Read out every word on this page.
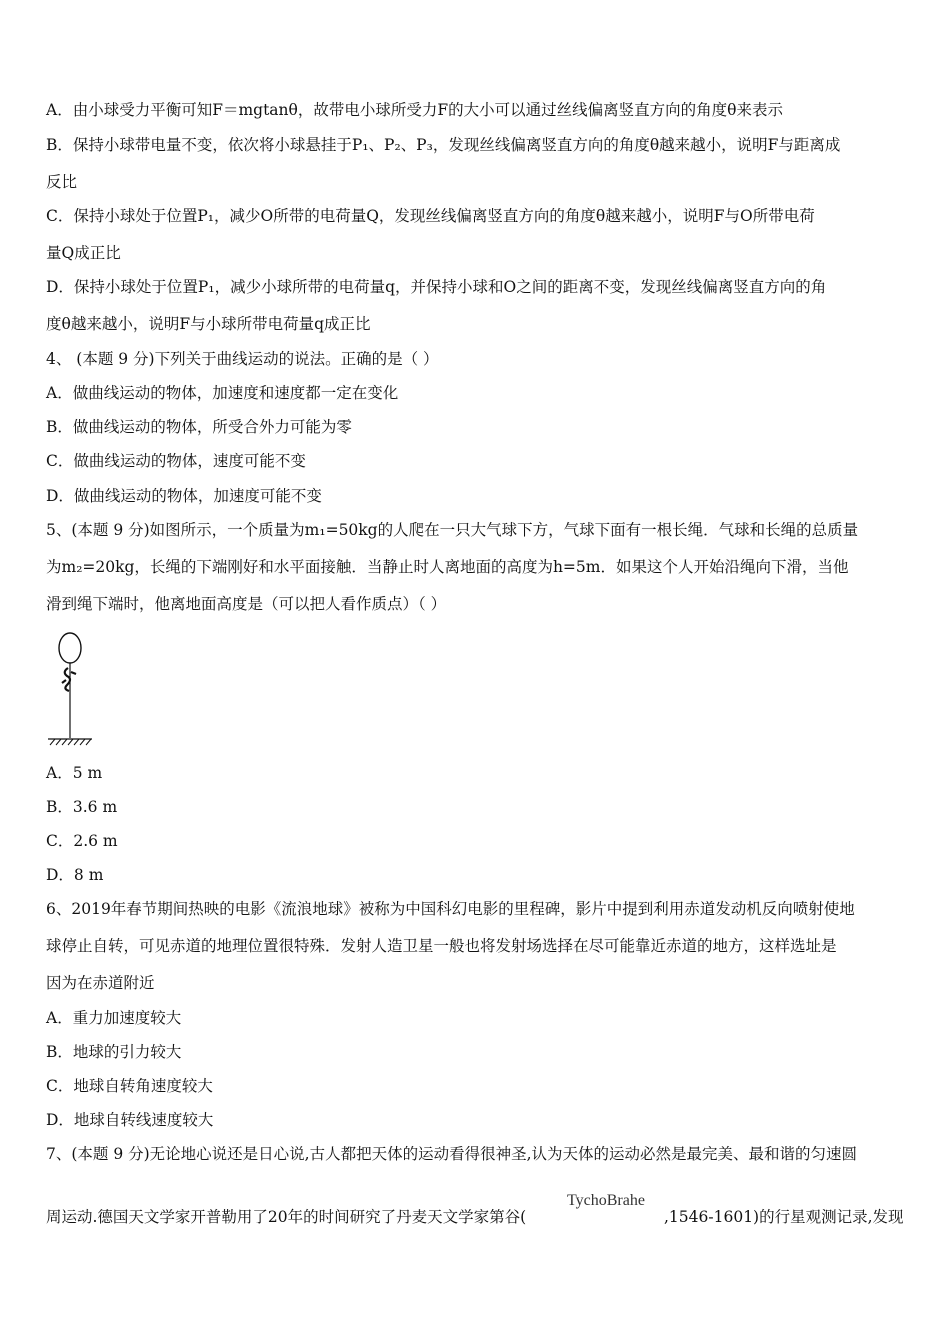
A．由小球受力平衡可知F＝mgtanθ，故带电小球所受力F的大小可以通过丝线偏离竖直方向的角度θ来表示
B．保持小球带电量不变，依次将小球悬挂于P₁、P₂、P₃，发现丝线偏离竖直方向的角度θ越来越小，说明F与距离成
反比
C．保持小球处于位置P₁，减少O所带的电荷量Q，发现丝线偏离竖直方向的角度θ越来越小，说明F与O所带电荷
量Q成正比
D．保持小球处于位置P₁，减少小球所带的电荷量q，并保持小球和O之间的距离不变，发现丝线偏离竖直方向的角
度θ越来越小，说明F与小球所带电荷量q成正比
4、 (本题 9 分)下列关于曲线运动的说法。正确的是（ ）
A．做曲线运动的物体，加速度和速度都一定在变化
B．做曲线运动的物体，所受合外力可能为零
C．做曲线运动的物体，速度可能不变
D．做曲线运动的物体，加速度可能不变
5、(本题 9 分)如图所示，一个质量为m₁=50kg的人爬在一只大气球下方，气球下面有一根长绳．气球和长绳的总质量
为m₂=20kg，长绳的下端刚好和水平面接触．当静止时人离地面的高度为h=5m．如果这个人开始沿绳向下滑，当他
滑到绳下端时，他离地面高度是（可以把人看作质点）（ ）
A．5 m
B．3.6 m
C．2.6 m
D．8 m
6、2019年春节期间热映的电影《流浪地球》被称为中国科幻电影的里程碑，影片中提到利用赤道发动机反向喷射使地
球停止自转，可见赤道的地理位置很特殊．发射人造卫星一般也将发射场选择在尽可能靠近赤道的地方，这样选址是
因为在赤道附近
A．重力加速度较大
B．地球的引力较大
C．地球自转角速度较大
D．地球自转线速度较大
7、(本题 9 分)无论地心说还是日心说,古人都把天体的运动看得很神圣,认为天体的运动必然是最完美、最和谐的匀速圆
周运动.德国天文学家开普勒用了20年的时间研究了丹麦天文学家第谷(
TychoBrahe
,1546-1601)的行星观测记录,发现
